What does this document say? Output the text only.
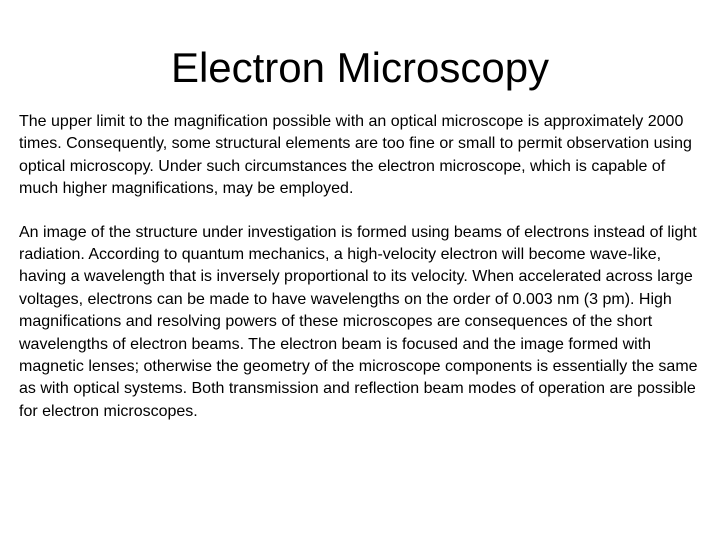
Electron Microscopy

The upper limit to the magnification possible with an optical microscope is approximately 2000 times. Consequently, some structural elements are too fine or small to permit observation using optical microscopy. Under such circumstances the electron microscope, which is capable of much higher magnifications, may be employed.

An image of the structure under investigation is formed using beams of electrons instead of light radiation. According to quantum mechanics, a high-velocity electron will become wave-like, having a wavelength that is inversely proportional to its velocity. When accelerated across large voltages, electrons can be made to have wavelengths on the order of 0.003 nm (3 pm). High magnifications and resolving powers of these microscopes are consequences of the short wavelengths of electron beams. The electron beam is focused and the image formed with magnetic lenses; otherwise the geometry of the microscope components is essentially the same as with optical systems. Both transmission and reflection beam modes of operation are possible for electron microscopes.
